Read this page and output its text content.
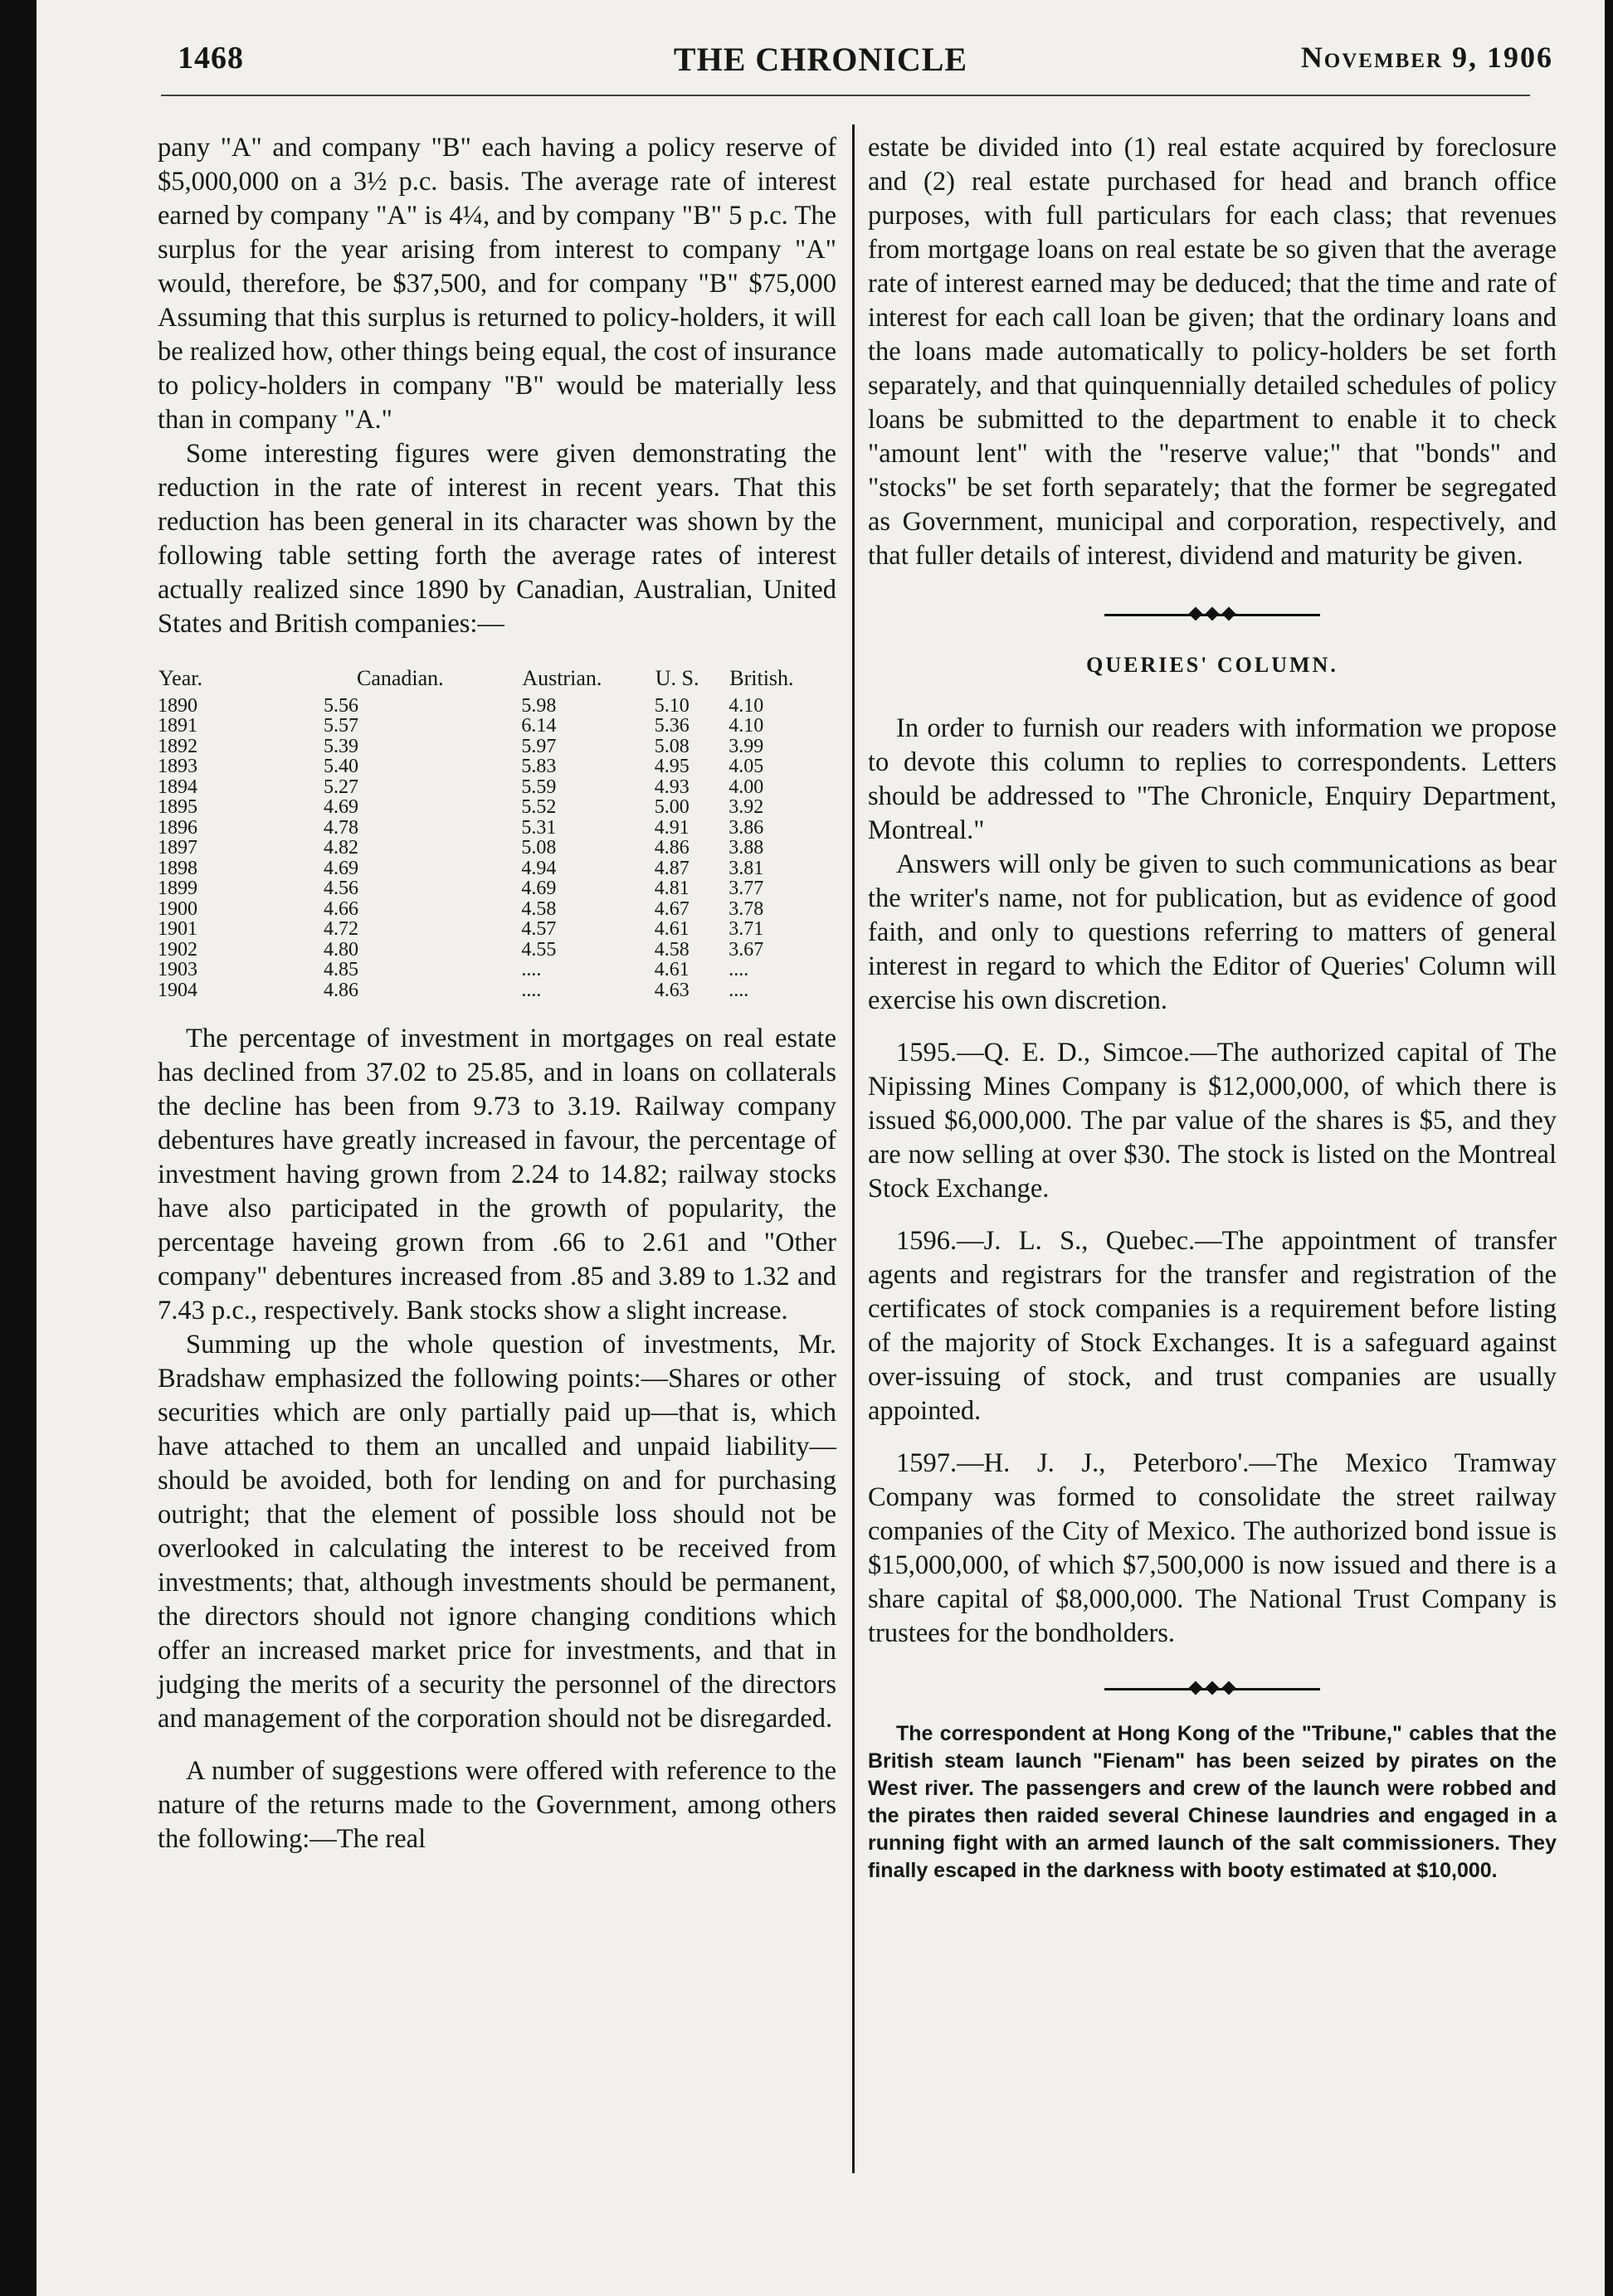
1468	THE CHRONICLE	November 9, 1906

pany "A" and company "B" each having a policy reserve of $5,000,000 on a 3½ p.c. basis. The average rate of interest earned by company "A" is 4¼, and by company "B" 5 p.c. The surplus for the year arising from interest to company "A" would, therefore, be $37,500, and for company "B" $75,000 Assuming that this surplus is returned to policy-holders, it will be realized how, other things being equal, the cost of insurance to policy-holders in company "B" would be materially less than in company "A."

Some interesting figures were given demonstrating the reduction in the rate of interest in recent years. That this reduction has been general in its character was shown by the following table setting forth the average rates of interest actually realized since 1890 by Canadian, Australian, United States and British companies:—

Year.	Canadian.	Austrian.	U. S.	British.
1890	5.56	5.98	5.10	4.10
1891	5.57	6.14	5.36	4.10
1892	5.39	5.97	5.08	3.99
1893	5.40	5.83	4.95	4.05
1894	5.27	5.59	4.93	4.00
1895	4.69	5.52	5.00	3.92
1896	4.78	5.31	4.91	3.86
1897	4.82	5.08	4.86	3.88
1898	4.69	4.94	4.87	3.81
1899	4.56	4.69	4.81	3.77
1900	4.66	4.58	4.67	3.78
1901	4.72	4.57	4.61	3.71
1902	4.80	4.55	4.58	3.67
1903	4.85	....	4.61	....
1904	4.86	....	4.63	....

The percentage of investment in mortgages on real estate has declined from 37.02 to 25.85, and in loans on collaterals the decline has been from 9.73 to 3.19. Railway company debentures have greatly increased in favour, the percentage of investment having grown from 2.24 to 14.82; railway stocks have also participated in the growth of popularity, the percentage haveing grown from .66 to 2.61 and "Other company" debentures increased from .85 and 3.89 to 1.32 and 7.43 p.c., respectively. Bank stocks show a slight increase.

Summing up the whole question of investments, Mr. Bradshaw emphasized the following points:—Shares or other securities which are only partially paid up—that is, which have attached to them an uncalled and unpaid liability—should be avoided, both for lending on and for purchasing outright; that the element of possible loss should not be overlooked in calculating the interest to be received from investments; that, although investments should be permanent, the directors should not ignore changing conditions which offer an increased market price for investments, and that in judging the merits of a security the personnel of the directors and management of the corporation should not be disregarded.

A number of suggestions were offered with reference to the nature of the returns made to the Government, among others the following:—The real

estate be divided into (1) real estate acquired by foreclosure and (2) real estate purchased for head and branch office purposes, with full particulars for each class; that revenues from mortgage loans on real estate be so given that the average rate of interest earned may be deduced; that the time and rate of interest for each call loan be given; that the ordinary loans and the loans made automatically to policy-holders be set forth separately, and that quinquennially detailed schedules of policy loans be submitted to the department to enable it to check "amount lent" with the "reserve value;" that "bonds" and "stocks" be set forth separately; that the former be segregated as Government, municipal and corporation, respectively, and that fuller details of interest, dividend and maturity be given.

QUERIES' COLUMN.

In order to furnish our readers with information we propose to devote this column to replies to correspondents. Letters should be addressed to "The Chronicle, Enquiry Department, Montreal."

Answers will only be given to such communications as bear the writer's name, not for publication, but as evidence of good faith, and only to questions referring to matters of general interest in regard to which the Editor of Queries' Column will exercise his own discretion.

1595.—Q. E. D., Simcoe.—The authorized capital of The Nipissing Mines Company is $12,000,000, of which there is issued $6,000,000. The par value of the shares is $5, and they are now selling at over $30. The stock is listed on the Montreal Stock Exchange.

1596.—J. L. S., Quebec.—The appointment of transfer agents and registrars for the transfer and registration of the certificates of stock companies is a requirement before listing of the majority of Stock Exchanges. It is a safeguard against over-issuing of stock, and trust companies are usually appointed.

1597.—H. J. J., Peterboro'.—The Mexico Tramway Company was formed to consolidate the street railway companies of the City of Mexico. The authorized bond issue is $15,000,000, of which $7,500,000 is now issued and there is a share capital of $8,000,000. The National Trust Company is trustees for the bondholders.

The correspondent at Hong Kong of the "Tribune," cables that the British steam launch "Fienam" has been seized by pirates on the West river. The passengers and crew of the launch were robbed and the pirates then raided several Chinese laundries and engaged in a running fight with an armed launch of the salt commissioners. They finally escaped in the darkness with booty estimated at $10,000.
